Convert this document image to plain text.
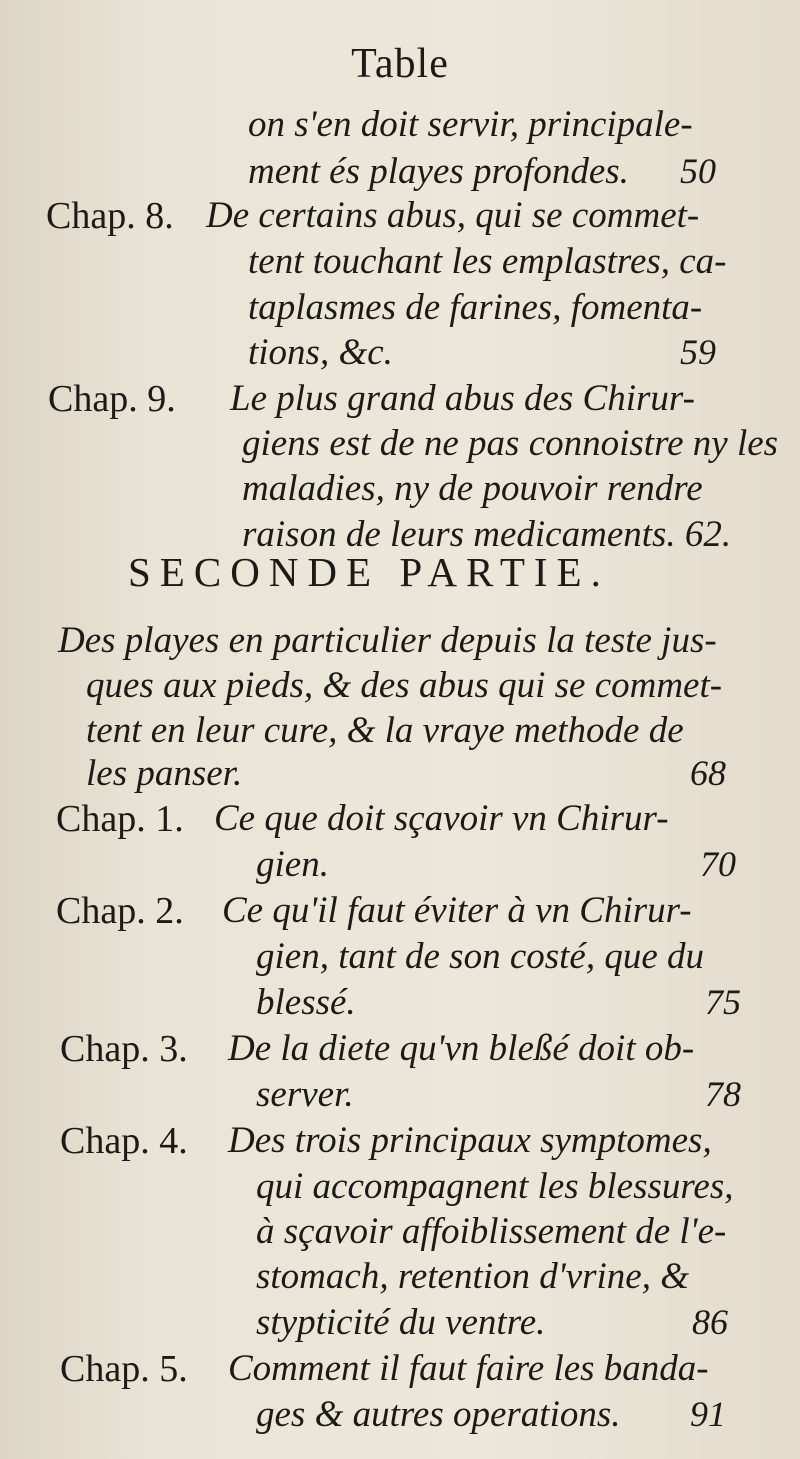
Table
on s'en doit servir, principale-
ment és playes profondes. 50
Chap. 8. De certains abus, qui se commet-
tent touchant les emplastres, ca-
taplasmes de farines, fomenta-
tions, &c.	59
Chap. 9. Le plus grand abus des Chirur-
giens est de ne pas connoistre ny les
maladies, ny de pouvoir rendre
raison de leurs medicaments. 62.
SECONDE PARTIE.
Des playes en particulier depuis la teste jus-
ques aux pieds, & des abus qui se commet-
tent en leur cure, & la vraye methode de
les panser.	68
Chap. 1. Ce que doit sçavoir vn Chirur-
gien.	70
Chap. 2. Ce qu'il faut éviter à vn Chirur-
gien, tant de son costé, que du
blessé.	75
Chap. 3. De la diete qu'vn bleßé doit ob-
server.	78
Chap. 4. Des trois principaux symptomes,
qui accompagnent les blessures,
à sçavoir affoiblissement de l'e-
stomach, retention d'vrine, &
stypticité du ventre.	86
Chap. 5. Comment il faut faire les banda-
ges & autres operations. 91
